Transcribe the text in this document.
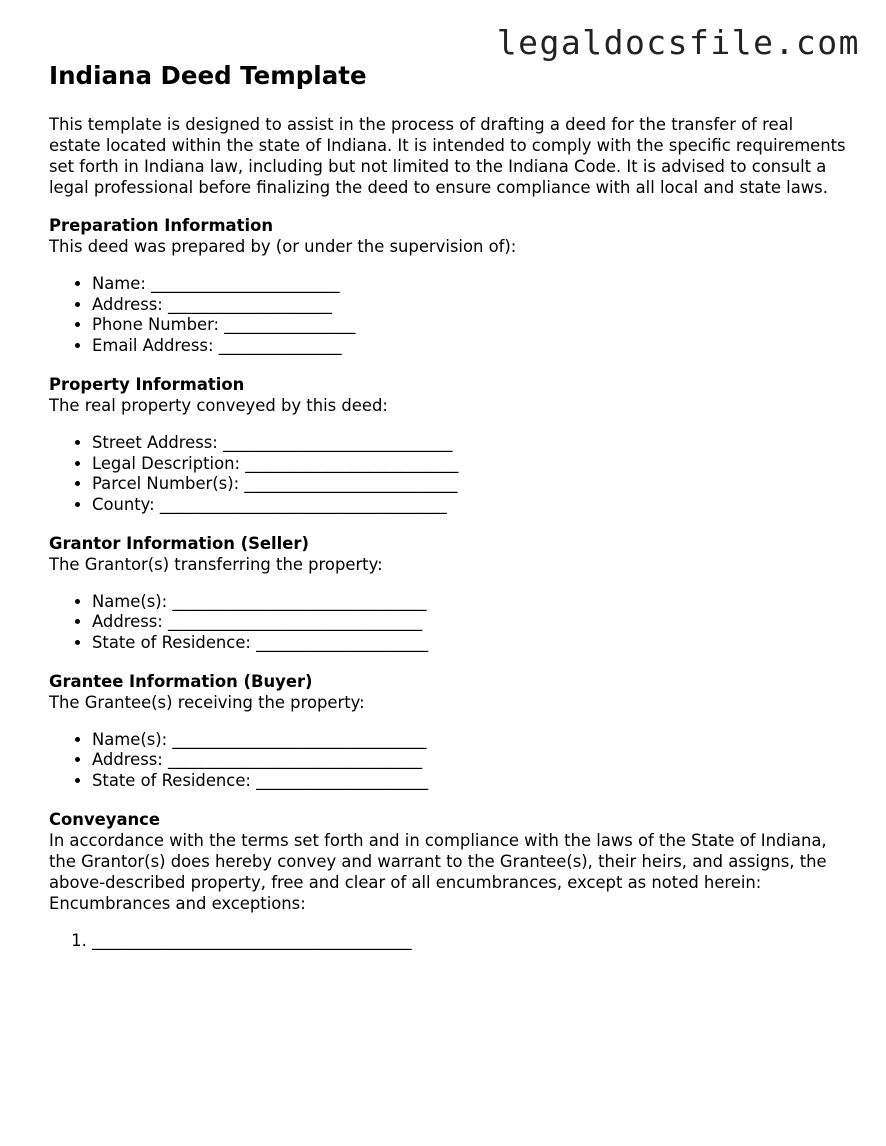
legaldocsfile.com
Indiana Deed Template

This template is designed to assist in the process of drafting a deed for the transfer of real estate located within the state of Indiana. It is intended to comply with the specific requirements set forth in Indiana law, including but not limited to the Indiana Code. It is advised to consult a legal professional before finalizing the deed to ensure compliance with all local and state laws.

Preparation Information

This deed was prepared by (or under the supervision of):

• Name: _______________________
• Address: ____________________
• Phone Number: ________________
• Email Address: _______________
Property Information

The real property conveyed by this deed:

• Street Address: ____________________________
• Legal Description: __________________________
• Parcel Number(s): __________________________
• County: ___________________________________
Grantor Information (Seller)

The Grantor(s) transferring the property:

• Name(s): _______________________________
• Address: _______________________________
• State of Residence: _____________________
Grantee Information (Buyer)

The Grantee(s) receiving the property:

• Name(s): _______________________________
• Address: _______________________________
• State of Residence: _____________________
Conveyance

In accordance with the terms set forth and in compliance with the laws of the State of Indiana, the Grantor(s) does hereby convey and warrant to the Grantee(s), their heirs, and assigns, the above-described property, free and clear of all encumbrances, except as noted herein:

Encumbrances and exceptions:

1. _______________________________________
